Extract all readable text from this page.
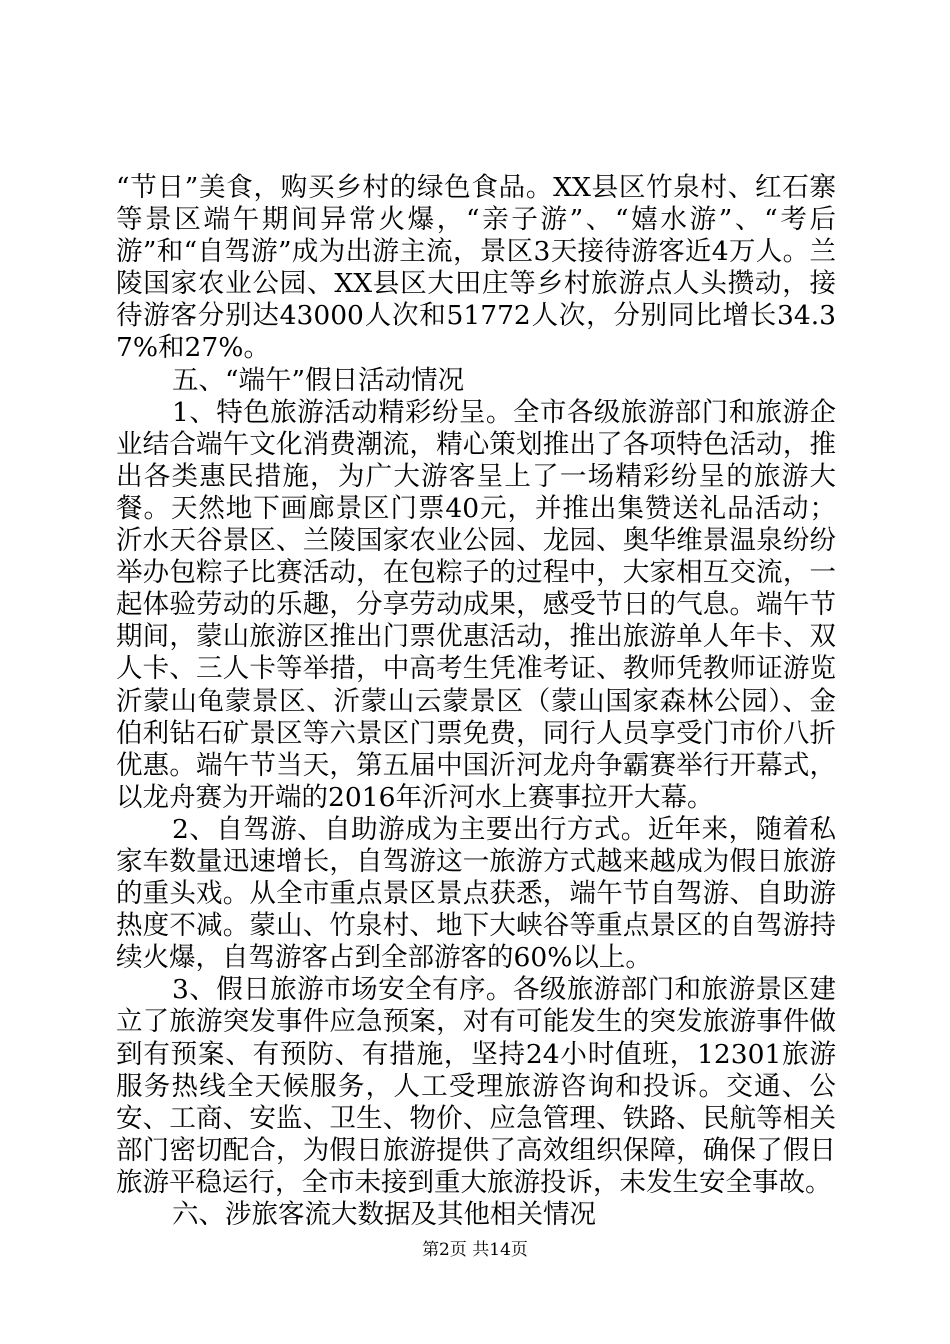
“节日”美食，购买乡村的绿色食品。XX县区竹泉村、红石寨等景区端午期间异常火爆，“亲子游”、“嬉水游”、“考后游”和“自驾游”成为出游主流，景区3天接待游客近4万人。兰陵国家农业公园、XX县区大田庄等乡村旅游点人头攒动，接待游客分别达43000人次和51772人次，分别同比增长34.37%和27%。

五、“端午”假日活动情况

1、特色旅游活动精彩纷呈。全市各级旅游部门和旅游企业结合端午文化消费潮流，精心策划推出了各项特色活动，推出各类惠民措施，为广大游客呈上了一场精彩纷呈的旅游大餐。天然地下画廊景区门票40元，并推出集赞送礼品活动；沂水天谷景区、兰陵国家农业公园、龙园、奥华维景温泉纷纷举办包粽子比赛活动，在包粽子的过程中，大家相互交流，一起体验劳动的乐趣，分享劳动成果，感受节日的气息。端午节期间，蒙山旅游区推出门票优惠活动，推出旅游单人年卡、双人卡、三人卡等举措，中高考生凭准考证、教师凭教师证游览沂蒙山龟蒙景区、沂蒙山云蒙景区（蒙山国家森林公园）、金伯利钻石矿景区等六景区门票免费，同行人员享受门市价八折优惠。端午节当天，第五届中国沂河龙舟争霸赛举行开幕式，以龙舟赛为开端的2016年沂河水上赛事拉开大幕。

2、自驾游、自助游成为主要出行方式。近年来，随着私家车数量迅速增长，自驾游这一旅游方式越来越成为假日旅游的重头戏。从全市重点景区景点获悉，端午节自驾游、自助游热度不减。蒙山、竹泉村、地下大峡谷等重点景区的自驾游持续火爆，自驾游客占到全部游客的60%以上。

3、假日旅游市场安全有序。各级旅游部门和旅游景区建立了旅游突发事件应急预案，对有可能发生的突发旅游事件做到有预案、有预防、有措施，坚持24小时值班，12301旅游服务热线全天候服务，人工受理旅游咨询和投诉。交通、公安、工商、安监、卫生、物价、应急管理、铁路、民航等相关部门密切配合，为假日旅游提供了高效组织保障，确保了假日旅游平稳运行，全市未接到重大旅游投诉，未发生安全事故。

六、涉旅客流大数据及其他相关情况

第2页 共14页
